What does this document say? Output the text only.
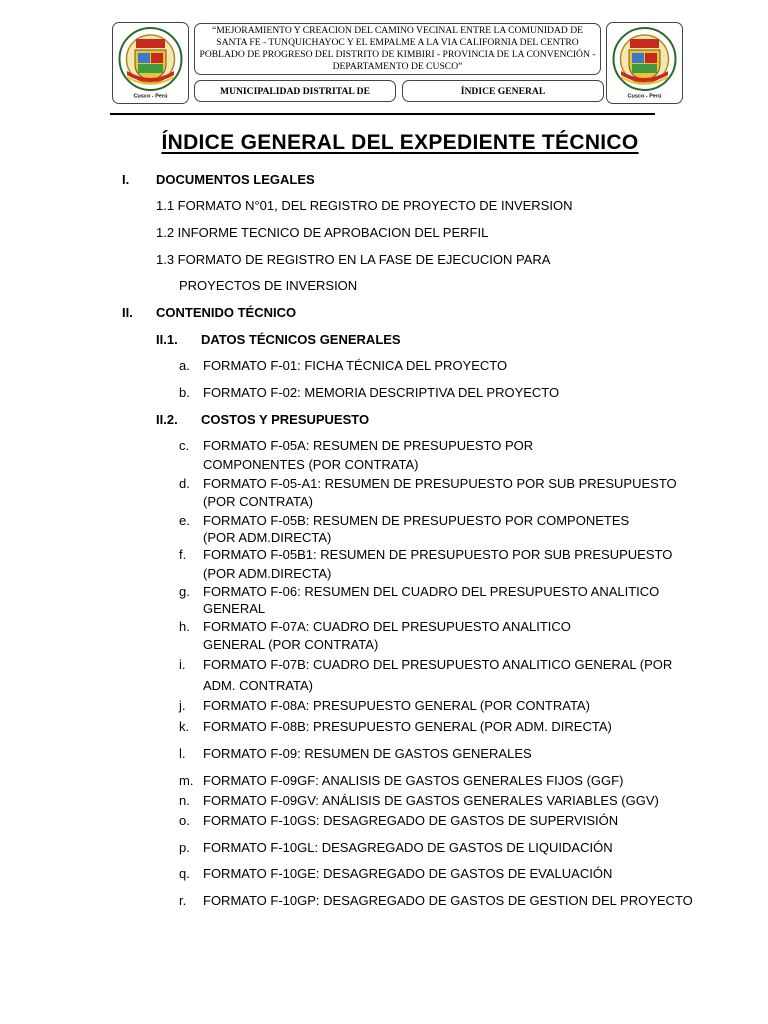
Cusco - Perú
“MEJORAMIENTO Y CREACION DEL CAMINO VECINAL ENTRE LA COMUNIDAD DE SANTA FE - TUNQUICHAYOC Y EL EMPALME A LA VIA CALIFORNIA DEL CENTRO POBLADO DE PROGRESO DEL DISTRITO DE KIMBIRI - PROVINCIA DE LA CONVENCIÓN - DEPARTAMENTO DE CUSCO”
Cusco - Perú
MUNICIPALIDAD DISTRITAL DE	ÍNDICE GENERAL
ÍNDICE GENERAL DEL EXPEDIENTE TÉCNICO
I. DOCUMENTOS LEGALES
1.1 FORMATO N°01, DEL REGISTRO DE PROYECTO DE INVERSION
1.2 INFORME TECNICO DE APROBACION DEL PERFIL
1.3 FORMATO DE REGISTRO EN LA FASE DE EJECUCION PARA
PROYECTOS DE INVERSION
II. CONTENIDO TÉCNICO
II.1. DATOS TÉCNICOS GENERALES
a. FORMATO F-01: FICHA TÉCNICA DEL PROYECTO
b. FORMATO F-02: MEMORIA DESCRIPTIVA DEL PROYECTO
II.2. COSTOS Y PRESUPUESTO
c. FORMATO F-05A: RESUMEN DE PRESUPUESTO POR
COMPONENTES (POR CONTRATA)
d. FORMATO F-05-A1: RESUMEN DE PRESUPUESTO POR SUB PRESUPUESTO
(POR CONTRATA)
e. FORMATO F-05B: RESUMEN DE PRESUPUESTO POR COMPONETES
(POR ADM.DIRECTA)
f. FORMATO F-05B1: RESUMEN DE PRESUPUESTO POR SUB PRESUPUESTO
(POR ADM.DIRECTA)
g. FORMATO F-06: RESUMEN DEL CUADRO DEL PRESUPUESTO ANALITICO
GENERAL
h. FORMATO F-07A: CUADRO DEL PRESUPUESTO ANALITICO
GENERAL (POR CONTRATA)
i. FORMATO F-07B: CUADRO DEL PRESUPUESTO ANALITICO GENERAL (POR
ADM. CONTRATA)
j. FORMATO F-08A: PRESUPUESTO GENERAL (POR CONTRATA)
k. FORMATO F-08B: PRESUPUESTO GENERAL (POR ADM. DIRECTA)
l. FORMATO F-09: RESUMEN DE GASTOS GENERALES
m. FORMATO F-09GF: ANALISIS DE GASTOS GENERALES FIJOS (GGF)
n. FORMATO F-09GV: ANÁLISIS DE GASTOS GENERALES VARIABLES (GGV)
o. FORMATO F-10GS: DESAGREGADO DE GASTOS DE SUPERVISIÓN
p. FORMATO F-10GL: DESAGREGADO DE GASTOS DE LIQUIDACIÓN
q. FORMATO F-10GE: DESAGREGADO DE GASTOS DE EVALUACIÓN
r. FORMATO F-10GP: DESAGREGADO DE GASTOS DE GESTION DEL PROYECTO
